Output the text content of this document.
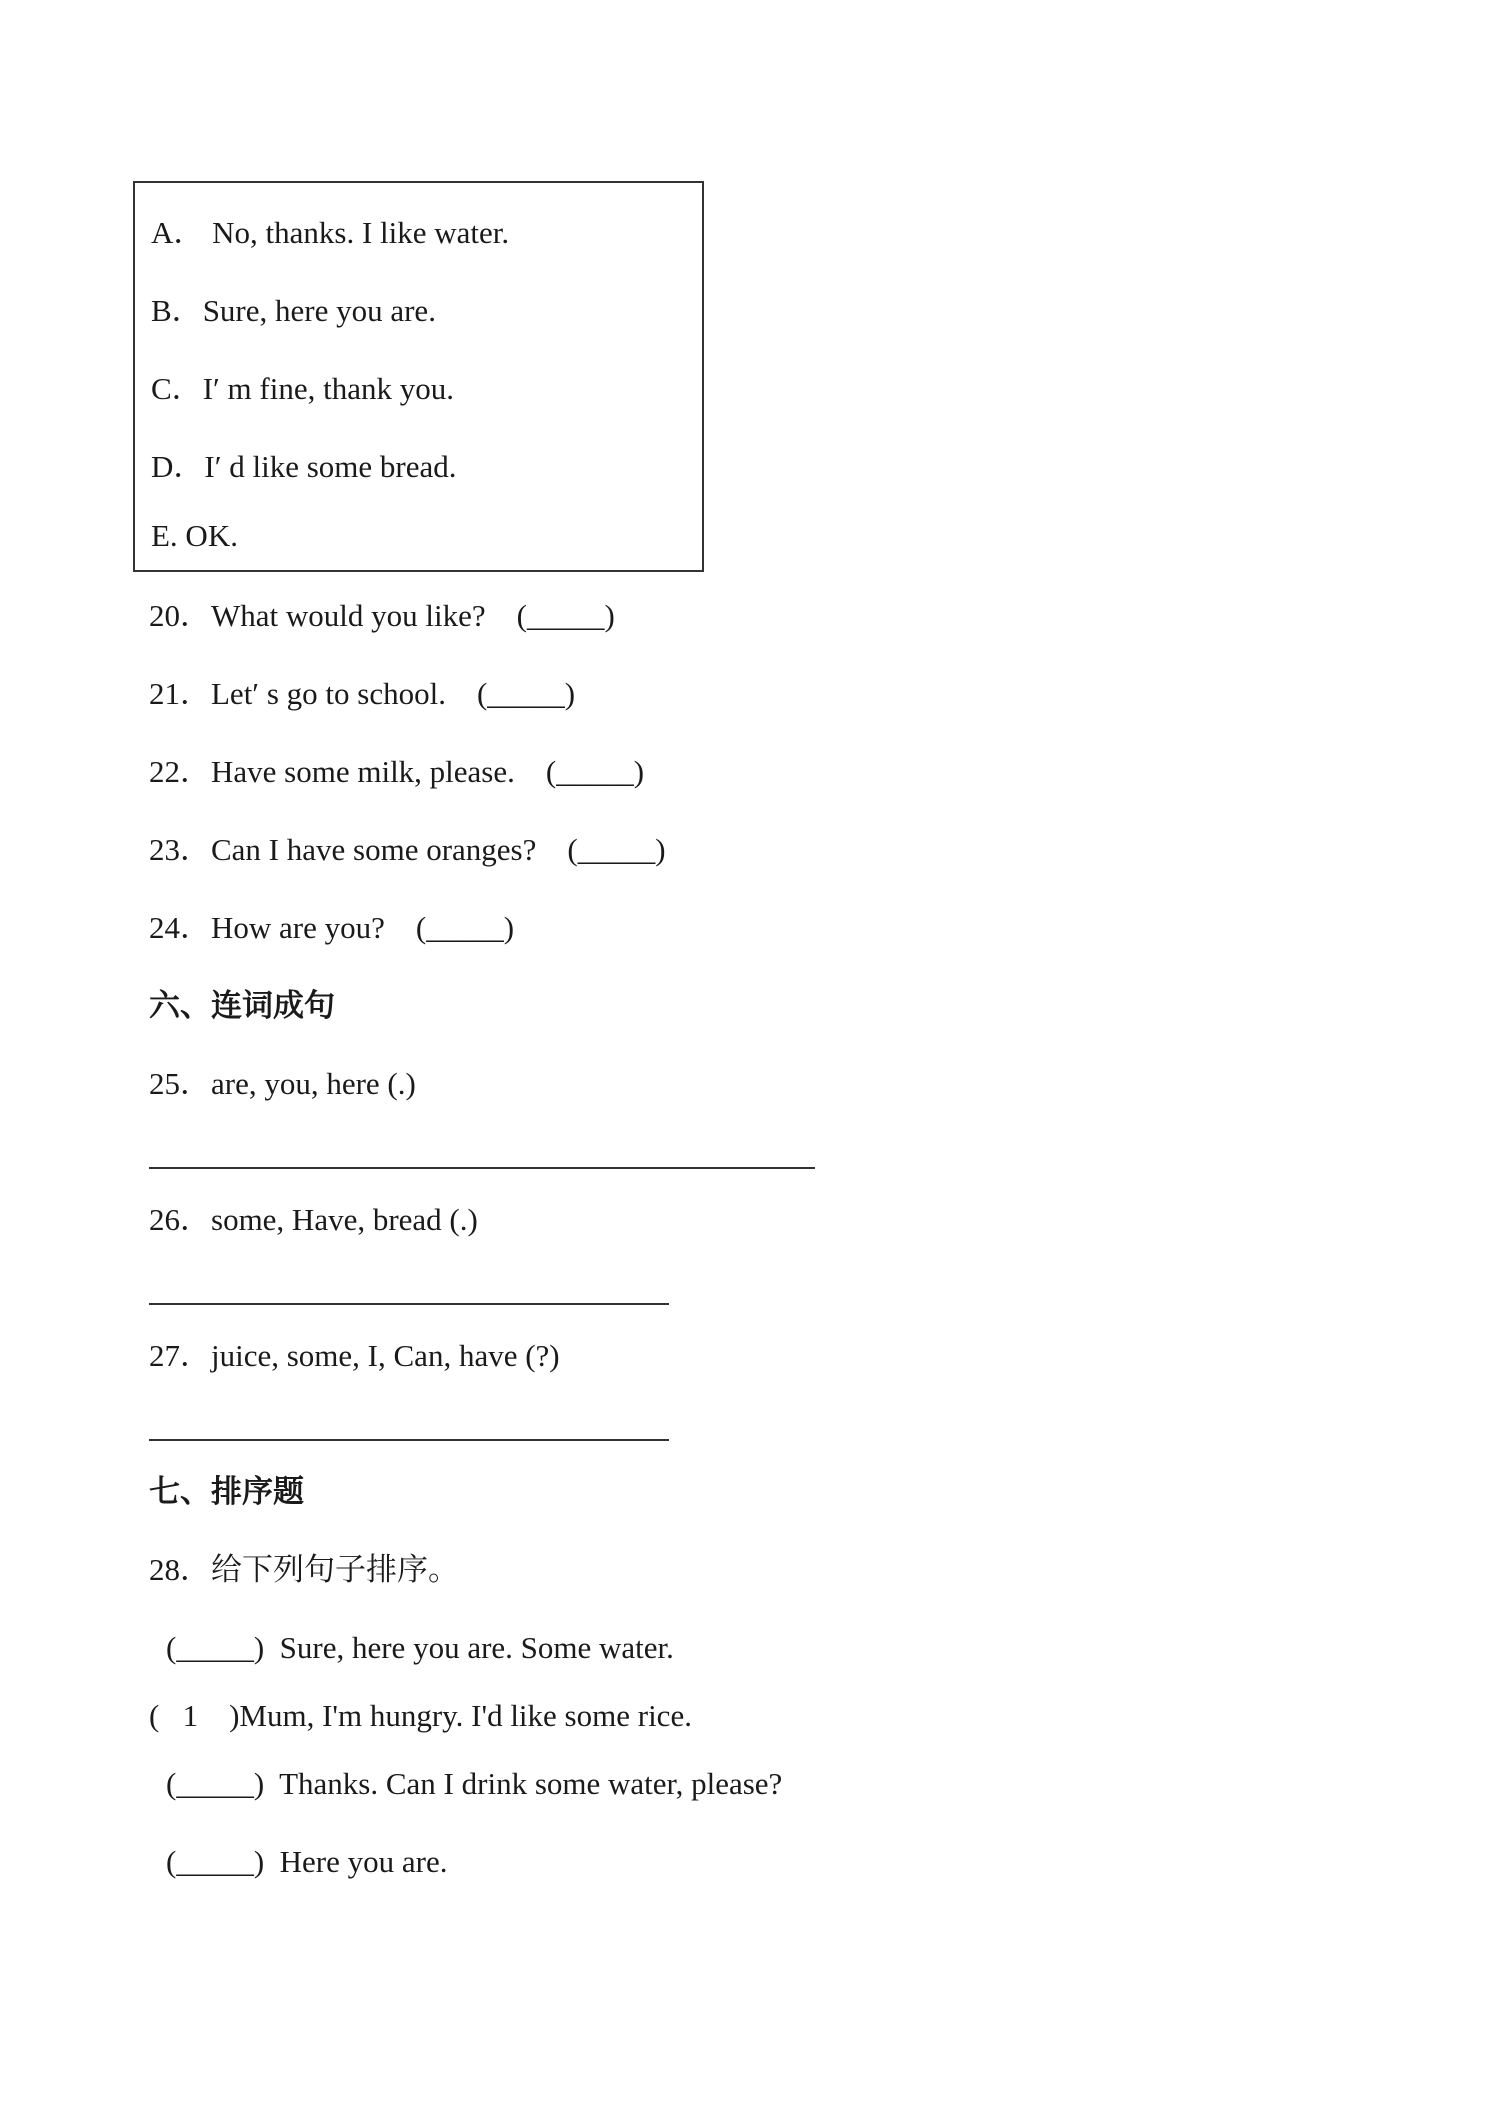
A． No, thanks. I like water.
B．Sure, here you are.
C．I′ m fine, thank you.
D．I′ d like some bread.
E. OK.
20．What would you like? (_____)
21．Let′ s go to school. (_____)
22．Have some milk, please. (_____)
23．Can I have some oranges? (_____)
24．How are you? (_____)
六、连词成句
25．are, you, here (.)
26．some, Have, bread (.)
27．juice, some, I, Can, have (?)
七、排序题
28．给下列句子排序。
(_____) Sure, here you are. Some water.
(   1    )Mum, I'm hungry. I'd like some rice.
(_____) Thanks. Can I drink some water, please?
(_____) Here you are.
